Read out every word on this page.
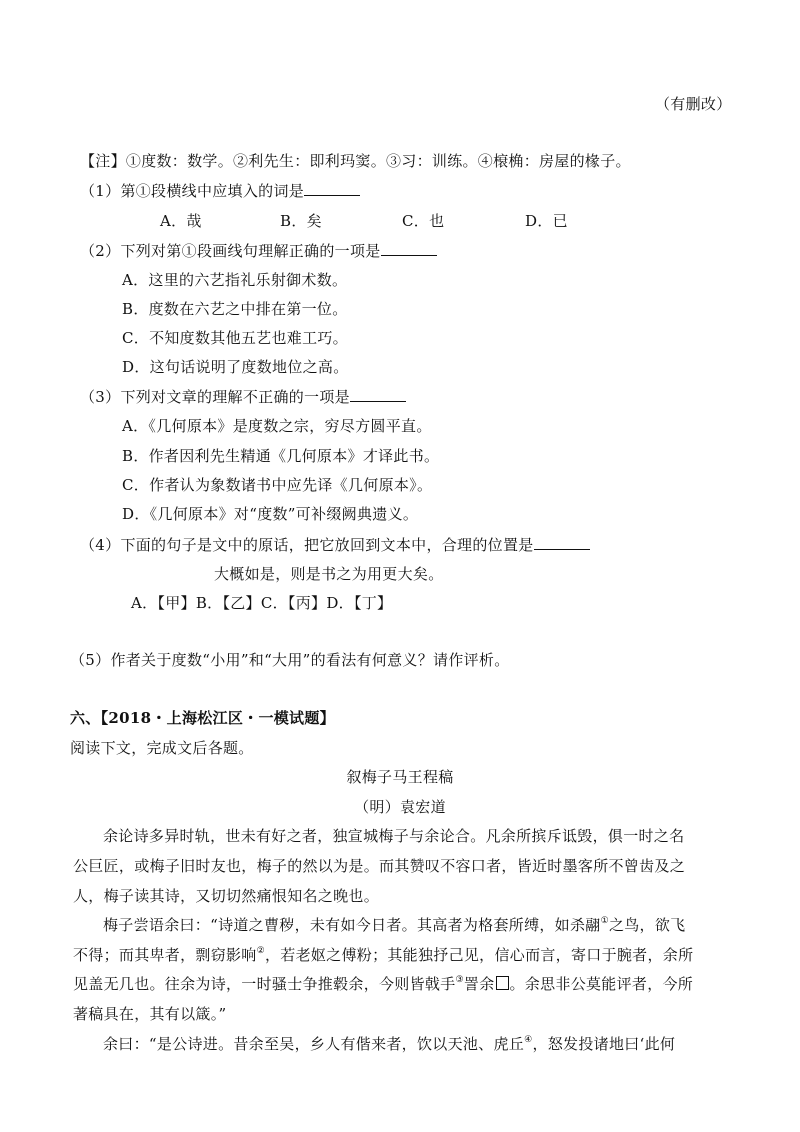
（有删改）
【注】①度数：数学。②利先生：即利玛窦。③习：训练。④榱桷：房屋的椽子。
（1）第①段横线中应填入的词是
A．哉	B．矣	C．也	D．已
（2）下列对第①段画线句理解正确的一项是
A．这里的六艺指礼乐射御术数。
B．度数在六艺之中排在第一位。
C．不知度数其他五艺也难工巧。
D．这句话说明了度数地位之高。
（3）下列对文章的理解不正确的一项是
A．《几何原本》是度数之宗，穷尽方圆平直。
B．作者因利先生精通《几何原本》才译此书。
C．作者认为象数诸书中应先译《几何原本》。
D．《几何原本》对“度数”可补缀阙典遗义。
（4）下面的句子是文中的原话，把它放回到文本中，合理的位置是
大概如是，则是书之为用更大矣。
A．【甲】B．【乙】C．【丙】D．【丁】
（5）作者关于度数“小用”和“大用”的看法有何意义？请作评析。
六、【2018・上海松江区・一模试题】
阅读下文，完成文后各题。
叙梅子马王程稿
（明）袁宏道
余论诗多异时轨，世未有好之者，独宣城梅子与余论合。凡余所摈斥诋毁，俱一时之名
公巨匠，或梅子旧时友也，梅子的然以为是。而其赞叹不容口者，皆近时墨客所不曾齿及之
人，梅子读其诗，又切切然痛恨知名之晚也。
梅子尝语余曰：“诗道之曹秽，未有如今日者。其高者为格套所缚，如杀翮①之鸟，欲飞
不得；而其卑者，剽窃影响②，若老妪之傅粉；其能独抒己见，信心而言，寄口于腕者，余所
见盖无几也。往余为诗，一时骚士争推毂余，今则皆戟手③詈余 。余思非公莫能评者，今所
著稿具在，其有以箴。”
余曰：“是公诗进。昔余至吴，乡人有偕来者，饮以天池、虎丘④，怒发投诸地曰‘此何
